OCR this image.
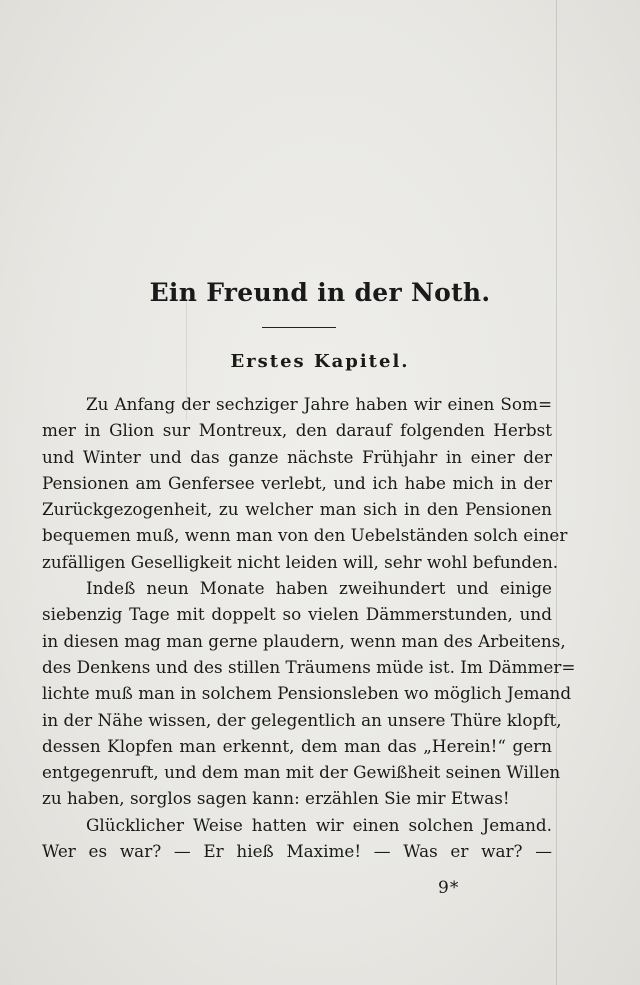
Ein Freund in der Noth.
Erstes Kapitel.
Zu Anfang der sechziger Jahre haben wir einen Som=
mer in Glion sur Montreux, den darauf folgenden Herbst
und Winter und das ganze nächste Frühjahr in einer der
Pensionen am Genfersee verlebt, und ich habe mich in der
Zurückgezogenheit, zu welcher man sich in den Pensionen
bequemen muß, wenn man von den Uebelständen solch einer
zufälligen Geselligkeit nicht leiden will, sehr wohl befunden.
Indeß neun Monate haben zweihundert und einige
siebenzig Tage mit doppelt so vielen Dämmerstunden, und
in diesen mag man gerne plaudern, wenn man des Arbeitens,
des Denkens und des stillen Träumens müde ist. Im Dämmer=
lichte muß man in solchem Pensionsleben wo möglich Jemand
in der Nähe wissen, der gelegentlich an unsere Thüre klopft,
dessen Klopfen man erkennt, dem man das „Herein!“ gern
entgegenruft, und dem man mit der Gewißheit seinen Willen
zu haben, sorglos sagen kann: erzählen Sie mir Etwas!
Glücklicher Weise hatten wir einen solchen Jemand.
Wer es war? — Er hieß Maxime! — Was er war? —
9*
